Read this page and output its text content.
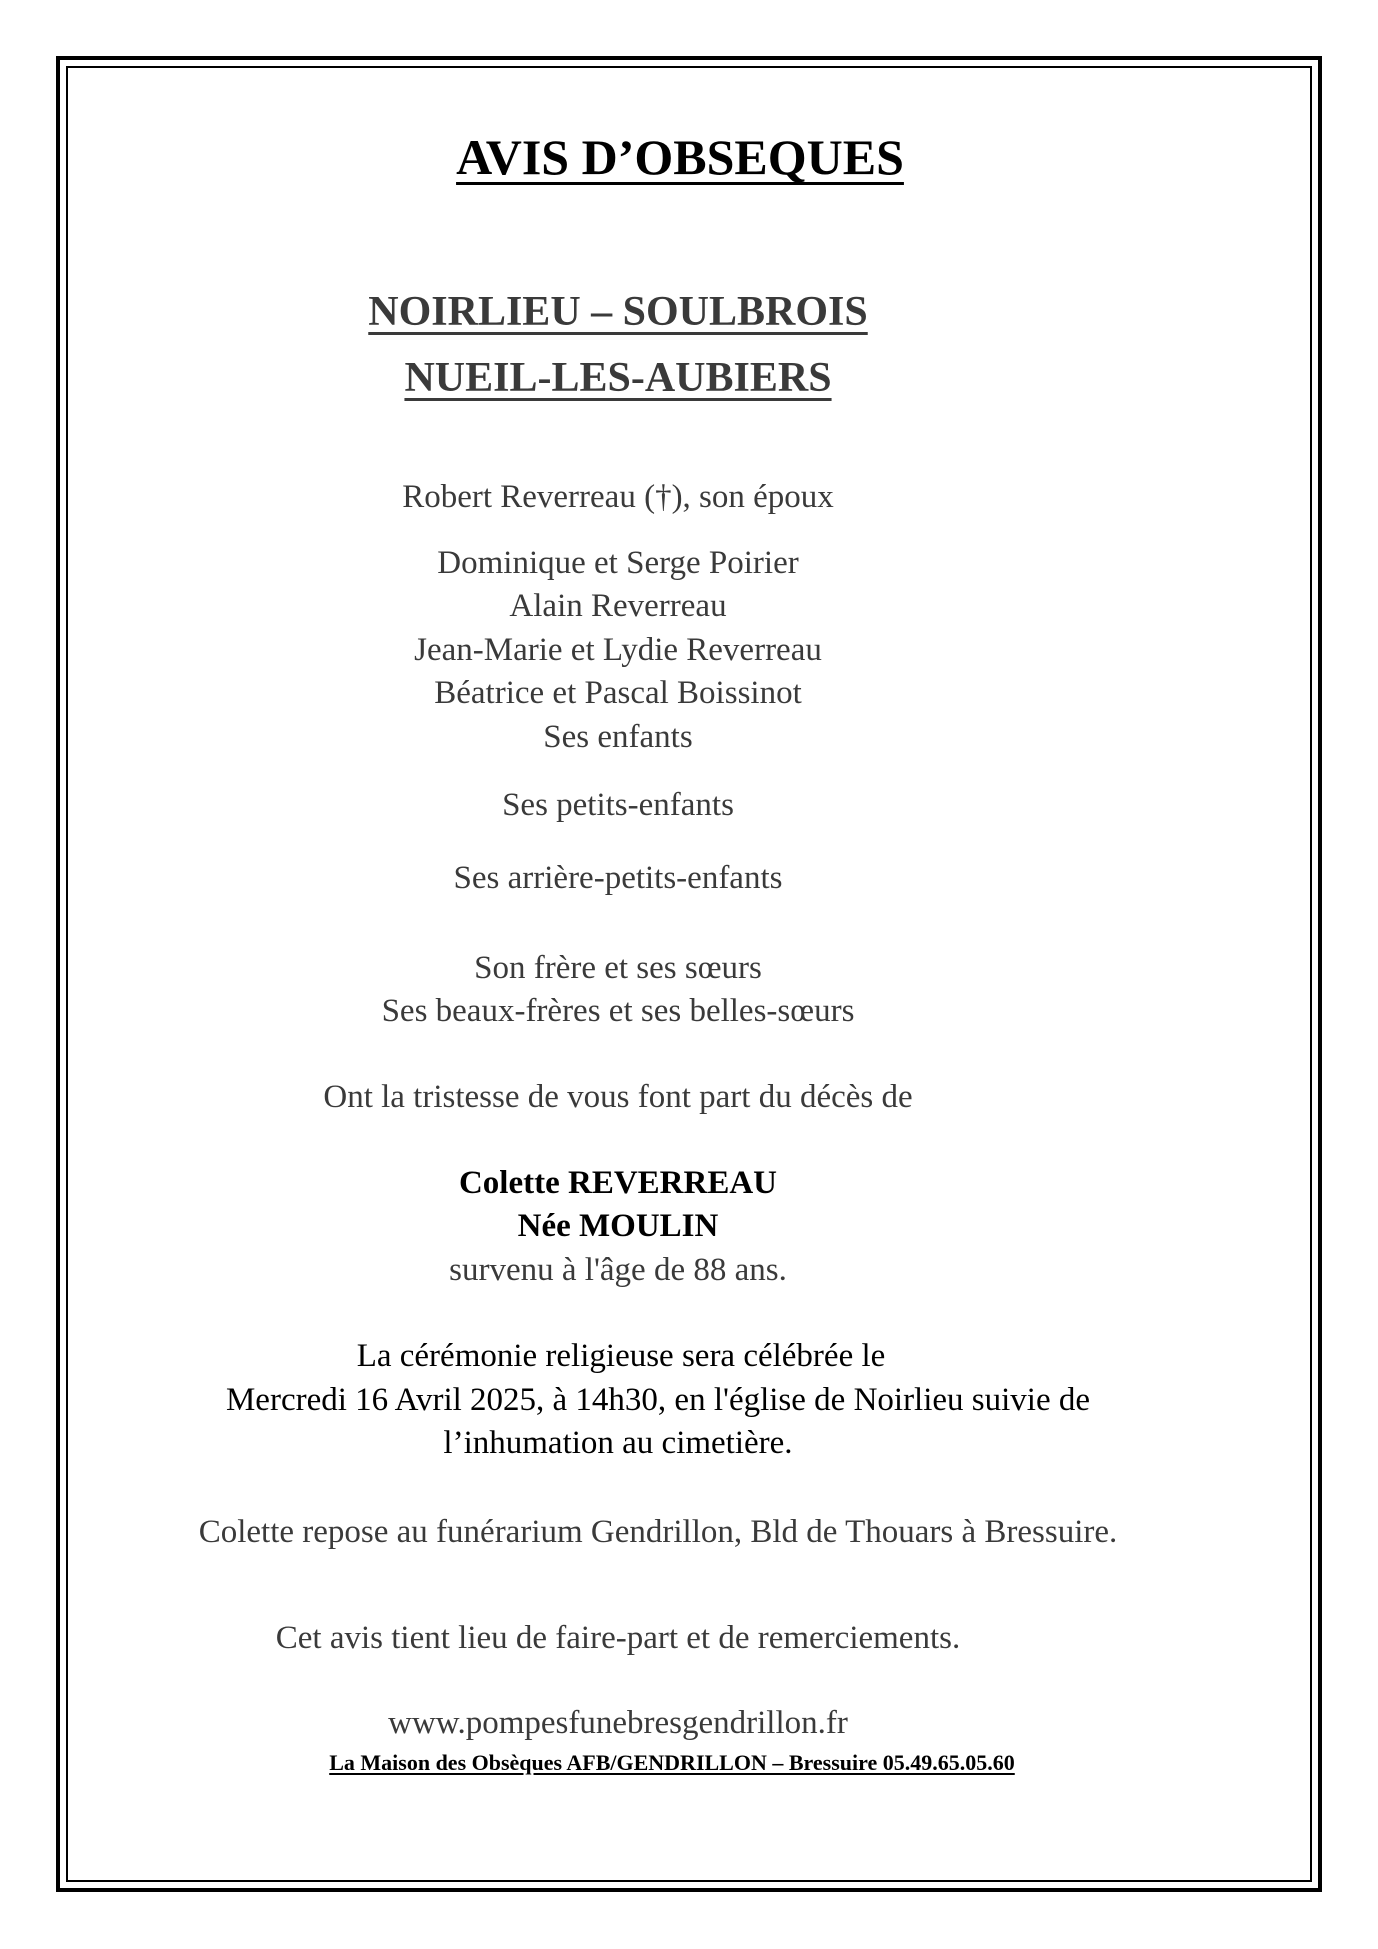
AVIS D’OBSEQUES
NOIRLIEU – SOULBROIS
NUEIL-LES-AUBIERS
Robert Reverreau (†), son époux
Dominique et Serge Poirier
Alain Reverreau
Jean-Marie et Lydie Reverreau
Béatrice et Pascal Boissinot
Ses enfants
Ses petits-enfants
Ses arrière-petits-enfants
Son frère et ses sœurs
Ses beaux-frères et ses belles-sœurs
Ont la tristesse de vous font part du décès de
Colette REVERREAU
Née MOULIN
survenu à l'âge de 88 ans.
La cérémonie religieuse sera célébrée le
Mercredi 16 Avril 2025, à 14h30, en l'église de Noirlieu suivie de
l’inhumation au cimetière.
Colette repose au funérarium Gendrillon, Bld de Thouars à Bressuire.
Cet avis tient lieu de faire-part et de remerciements.
www.pompesfunebresgendrillon.fr
La Maison des Obsèques AFB/GENDRILLON – Bressuire 05.49.65.05.60
